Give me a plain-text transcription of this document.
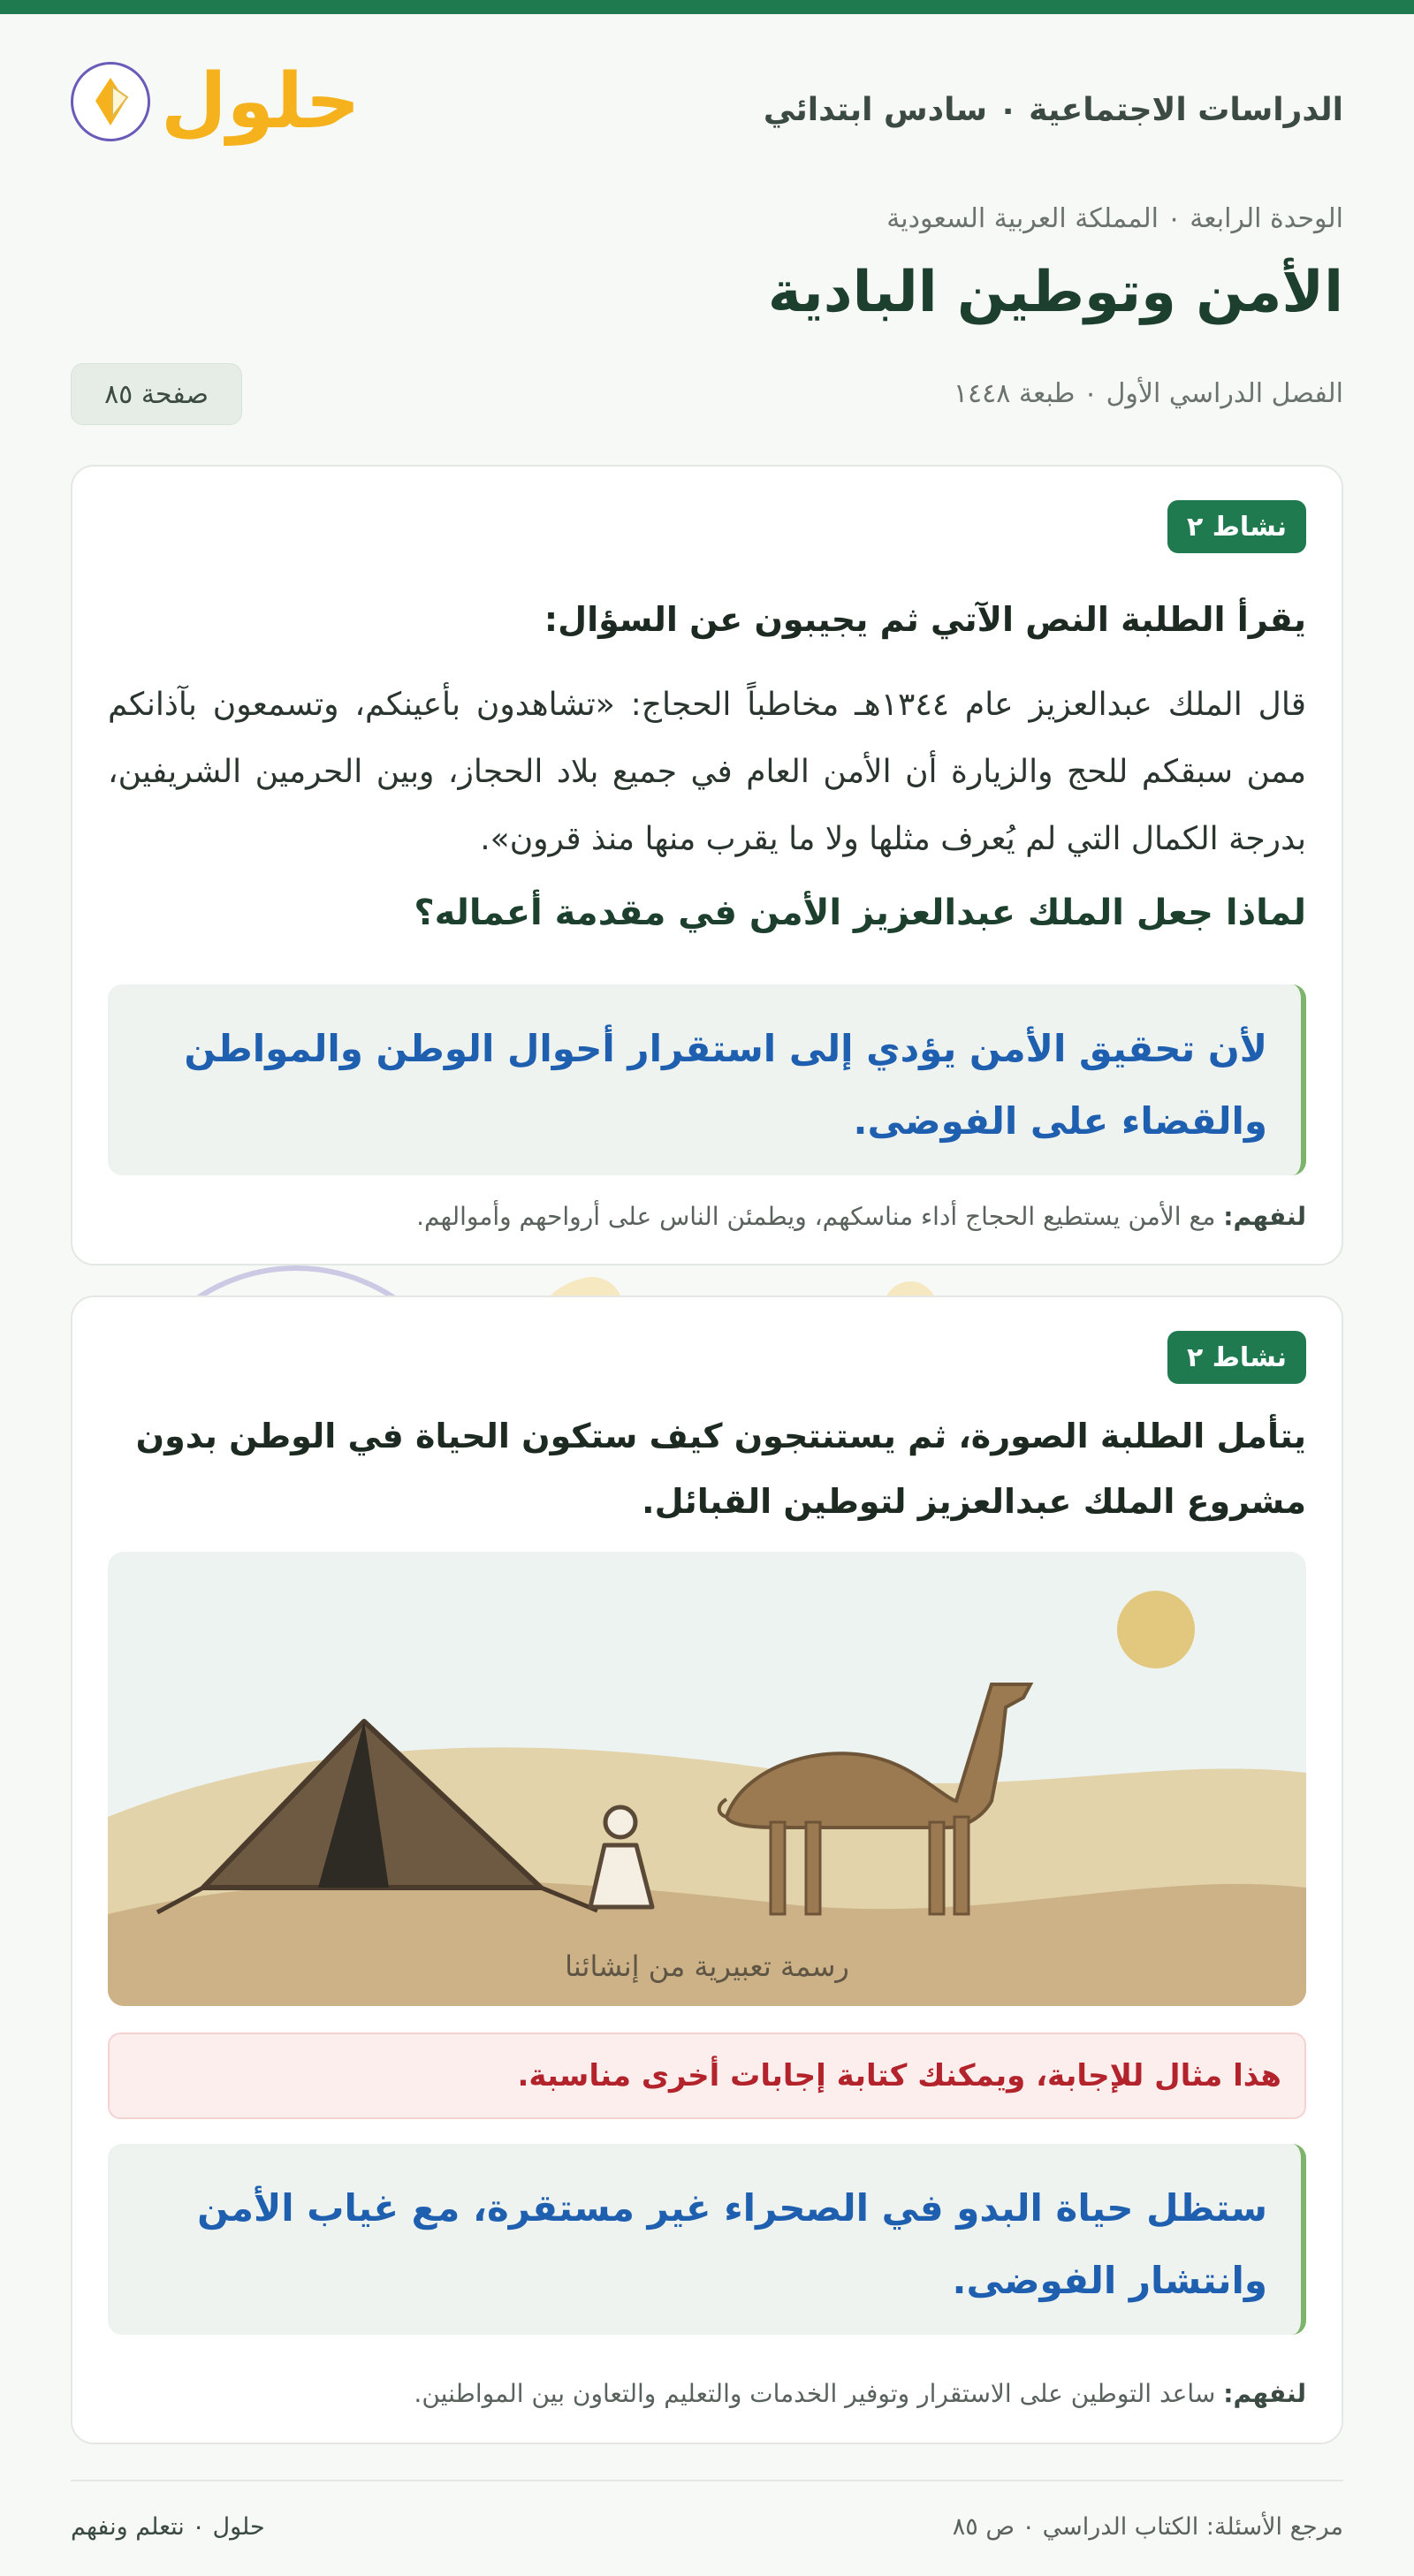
الدراسات الاجتماعية ٠ سادس ابتدائي
حلول
الوحدة الرابعة ٠ المملكة العربية السعودية
الأمن وتوطين البادية
الفصل الدراسي الأول ٠ طبعة ١٤٤٨
صفحة ٨٥
نشاط ٢
يقرأ الطلبة النص الآتي ثم يجيبون عن السؤال:
قال الملك عبدالعزيز عام ١٣٤٤هـ مخاطباً الحجاج: «تشاهدون بأعينكم، وتسمعون بآذانكم ممن سبقكم للحج والزيارة أن الأمن العام في جميع بلاد الحجاز، وبين الحرمين الشريفين، بدرجة الكمال التي لم يُعرف مثلها ولا ما يقرب منها منذ قرون».
لماذا جعل الملك عبدالعزيز الأمن في مقدمة أعماله؟
لأن تحقيق الأمن يؤدي إلى استقرار أحوال الوطن والمواطن والقضاء على الفوضى.
لنفهم: مع الأمن يستطيع الحجاج أداء مناسكهم، ويطمئن الناس على أرواحهم وأموالهم.
نشاط ٢
يتأمل الطلبة الصورة، ثم يستنتجون كيف ستكون الحياة في الوطن بدون مشروع الملك عبدالعزيز لتوطين القبائل.
رسمة تعبيرية من إنشائنا
هذا مثال للإجابة، ويمكنك كتابة إجابات أخرى مناسبة.
ستظل حياة البدو في الصحراء غير مستقرة، مع غياب الأمن وانتشار الفوضى.
لنفهم: ساعد التوطين على الاستقرار وتوفير الخدمات والتعليم والتعاون بين المواطنين.
مرجع الأسئلة: الكتاب الدراسي ٠ ص ٨٥
حلول ٠ نتعلم ونفهم
